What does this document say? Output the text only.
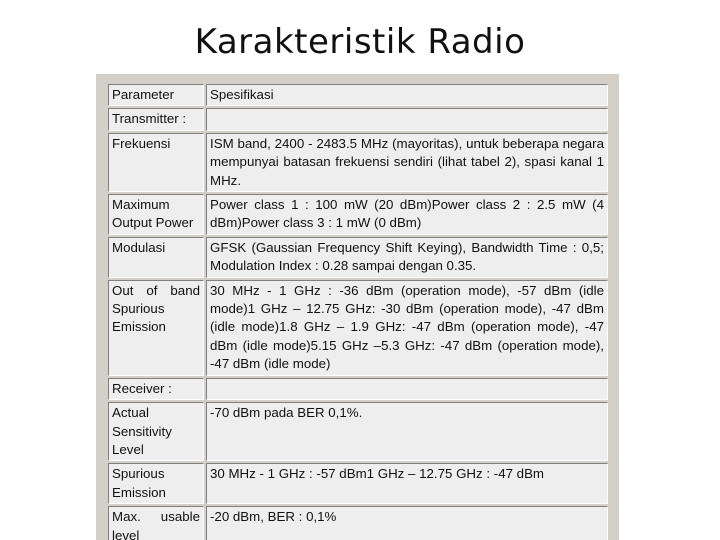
Karakteristik Radio
Parameter	Spesifikasi
Transmitter :	
Frekuensi	ISM band, 2400 - 2483.5 MHz (mayoritas), untuk beberapa negara mempunyai batasan frekuensi sendiri (lihat tabel 2), spasi kanal 1 MHz.
Maximum Output Power	Power class 1 : 100 mW (20 dBm)Power class 2 : 2.5 mW (4 dBm)Power class 3 : 1 mW (0 dBm)
Modulasi	GFSK (Gaussian Frequency Shift Keying), Bandwidth Time : 0,5; Modulation Index : 0.28 sampai dengan 0.35.
Out of band Spurious Emission	30 MHz - 1 GHz : -36 dBm (operation mode), -57 dBm (idle mode)1 GHz – 12.75 GHz: -30 dBm (operation mode), -47 dBm (idle mode)1.8 GHz – 1.9 GHz: -47 dBm (operation mode), -47 dBm (idle mode)5.15 GHz –5.3 GHz: -47 dBm (operation mode), -47 dBm (idle mode)
Receiver :	
Actual Sensitivity Level	-70 dBm pada BER 0,1%.
Spurious Emission	30 MHz - 1 GHz : -57 dBm1 GHz – 12.75 GHz : -47 dBm
Max. usable level	-20 dBm, BER : 0,1%
